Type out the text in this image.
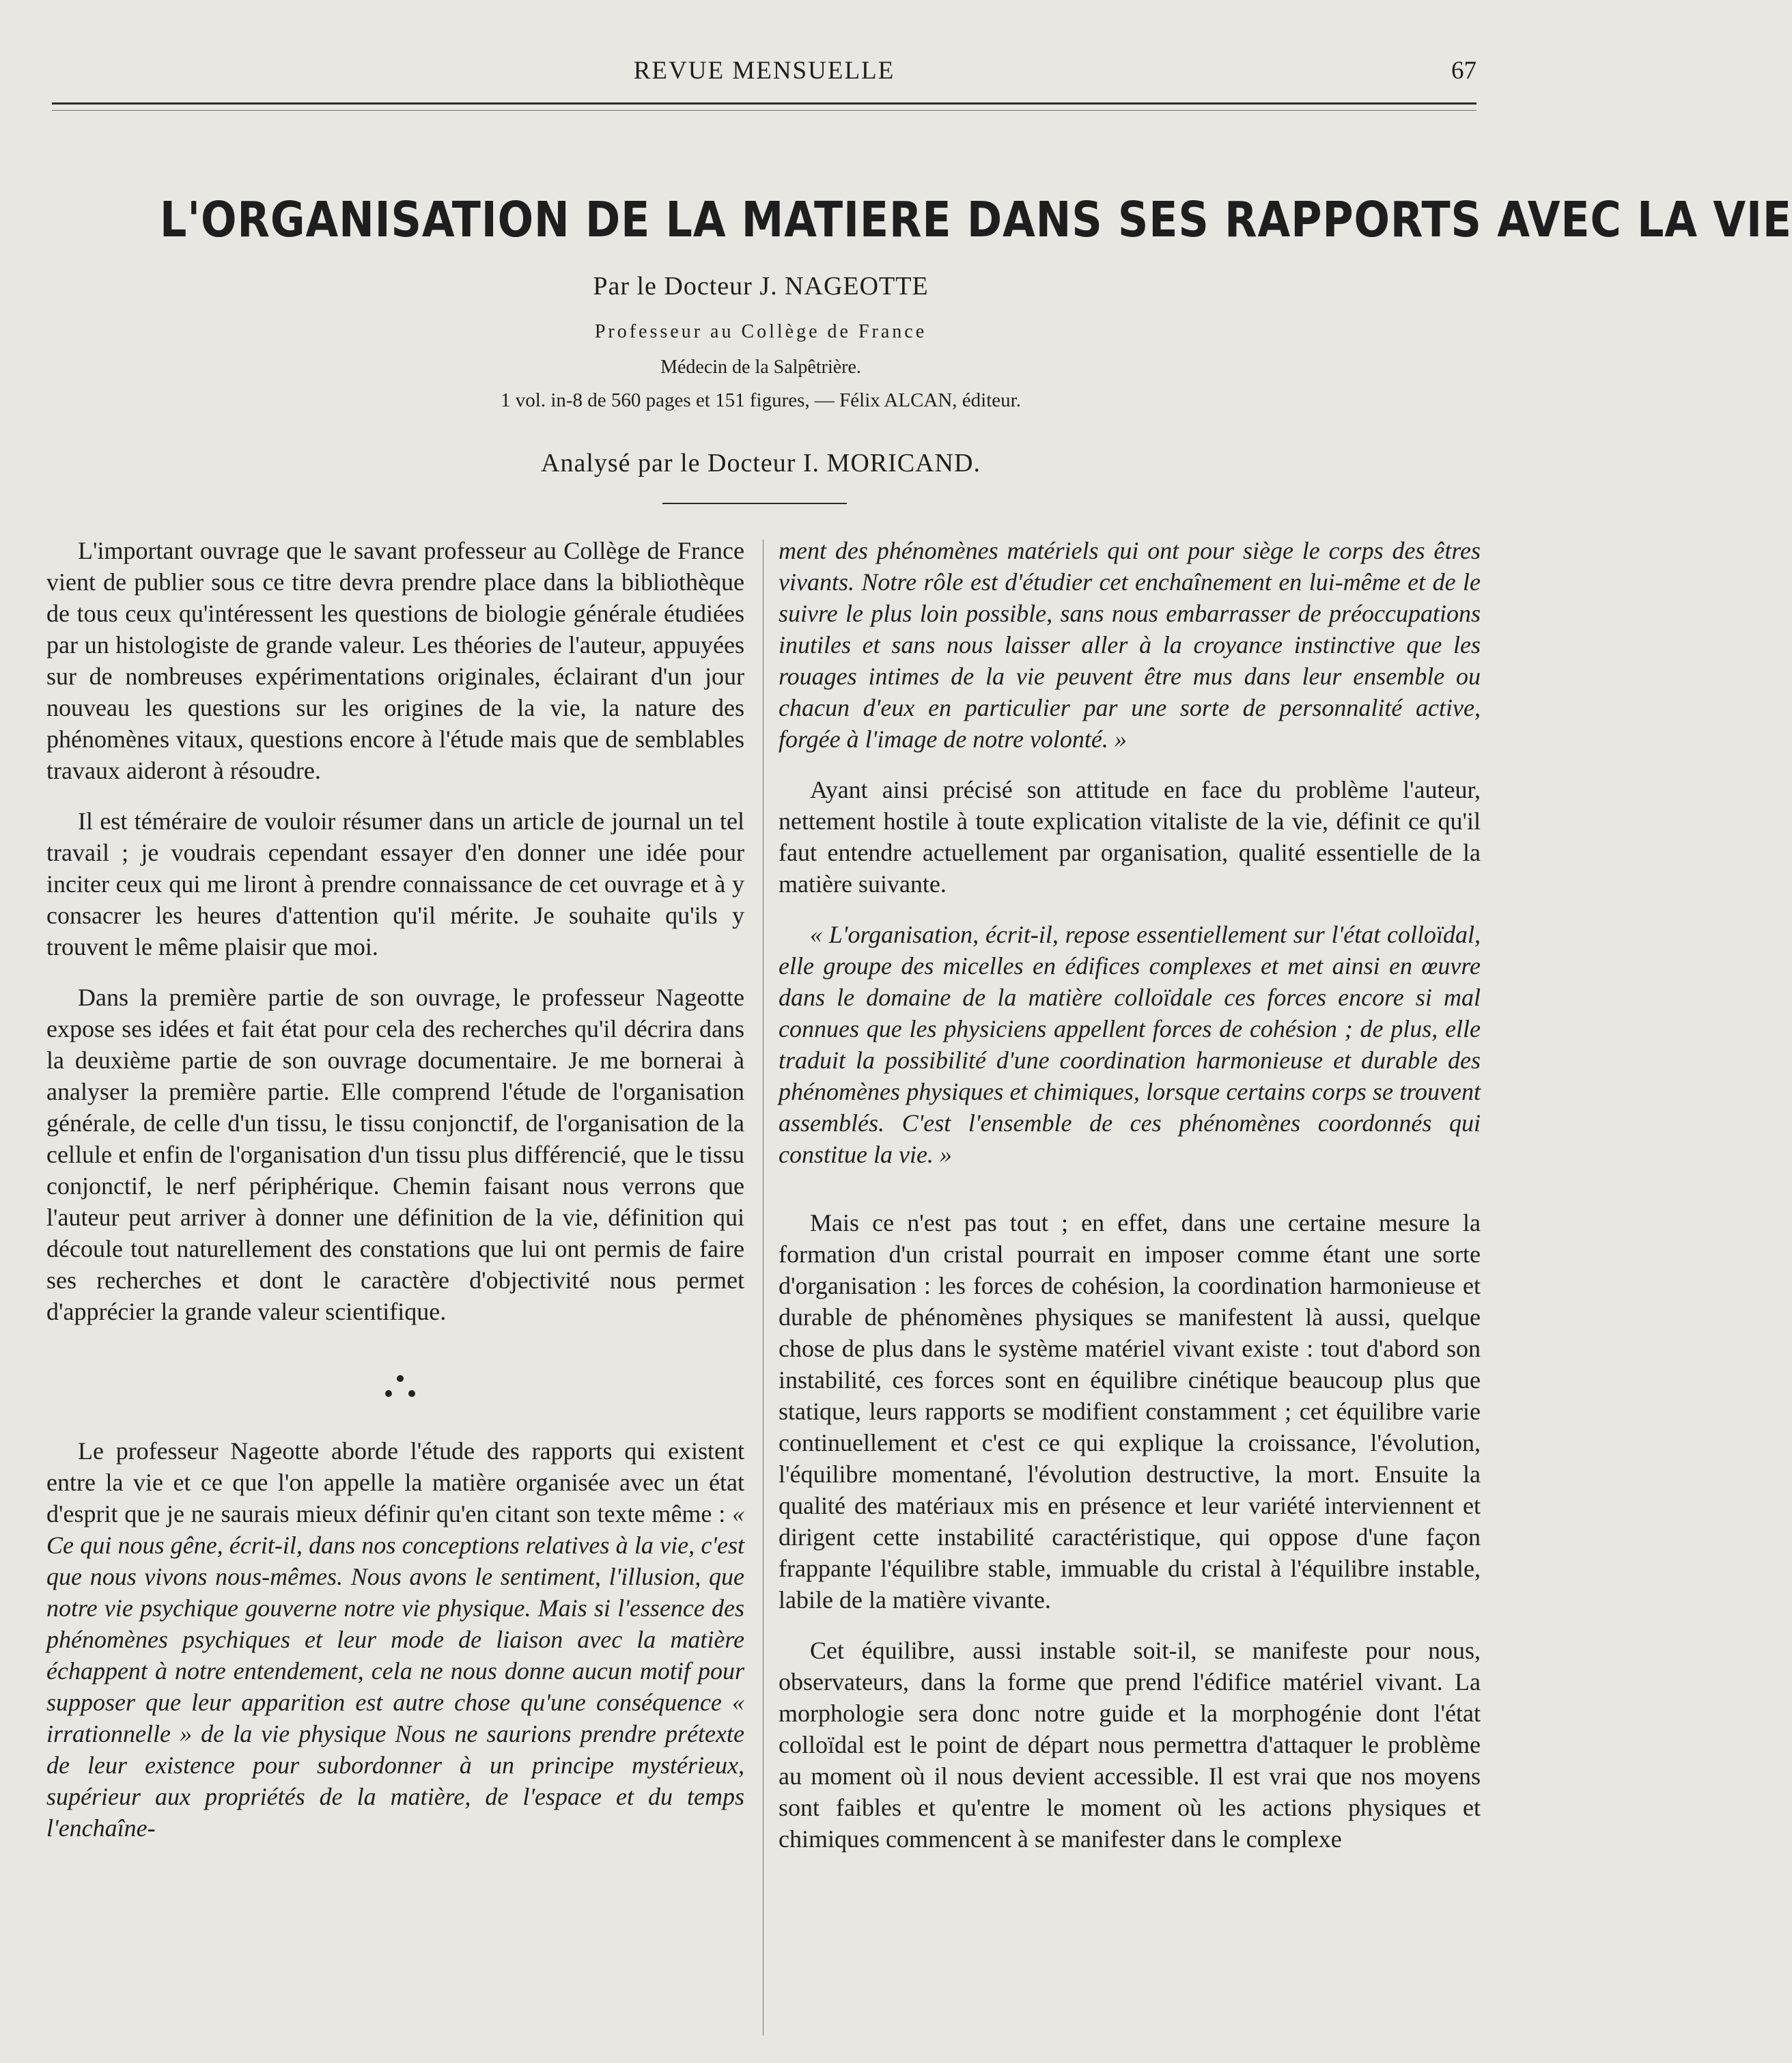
REVUE MENSUELLE	67
L'ORGANISATION DE LA MATIERE DANS SES RAPPORTS AVEC LA VIE
Par le Docteur J. NAGEOTTE
Professeur au Collège de France
Médecin de la Salpêtrière.
1 vol. in-8 de 560 pages et 151 figures, — Félix ALCAN, éditeur.
Analysé par le Docteur I. MORICAND.

L'important ouvrage que le savant professeur au Collège de France vient de publier sous ce titre devra prendre place dans la bibliothèque de tous ceux qu'intéressent les questions de biologie générale étudiées par un histologiste de grande valeur. Les théories de l'auteur, appuyées sur de nombreuses expérimentations originales, éclairant d'un jour nouveau les questions sur les origines de la vie, la nature des phénomènes vitaux, questions encore à l'étude mais que de semblables travaux aideront à résoudre.

Il est téméraire de vouloir résumer dans un article de journal un tel travail ; je voudrais cependant essayer d'en donner une idée pour inciter ceux qui me liront à prendre connaissance de cet ouvrage et à y consacrer les heures d'attention qu'il mérite. Je souhaite qu'ils y trouvent le même plaisir que moi.

Dans la première partie de son ouvrage, le professeur Nageotte expose ses idées et fait état pour cela des recherches qu'il décrira dans la deuxième partie de son ouvrage documentaire. Je me bornerai à analyser la première partie. Elle comprend l'étude de l'organisation générale, de celle d'un tissu, le tissu conjonctif, de l'organisation de la cellule et enfin de l'organisation d'un tissu plus différencié, que le tissu conjonctif, le nerf périphérique. Chemin faisant nous verrons que l'auteur peut arriver à donner une définition de la vie, définition qui découle tout naturellement des constations que lui ont permis de faire ses recherches et dont le caractère d'objectivité nous permet d'apprécier la grande valeur scientifique.

Le professeur Nageotte aborde l'étude des rapports qui existent entre la vie et ce que l'on appelle la matière organisée avec un état d'esprit que je ne saurais mieux définir qu'en citant son texte même : « Ce qui nous gêne, écrit-il, dans nos conceptions relatives à la vie, c'est que nous vivons nous-mêmes. Nous avons le sentiment, l'illusion, que notre vie psychique gouverne notre vie physique. Mais si l'essence des phénomènes psychiques et leur mode de liaison avec la matière échappent à notre entendement, cela ne nous donne aucun motif pour supposer que leur apparition est autre chose qu'une conséquence « irrationnelle » de la vie physique Nous ne saurions prendre prétexte de leur existence pour subordonner à un principe mystérieux, supérieur aux propriétés de la matière, de l'espace et du temps l'enchaîne-

ment des phénomènes matériels qui ont pour siège le corps des êtres vivants. Notre rôle est d'étudier cet enchaînement en lui-même et de le suivre le plus loin possible, sans nous embarrasser de préoccupations inutiles et sans nous laisser aller à la croyance instinctive que les rouages intimes de la vie peuvent être mus dans leur ensemble ou chacun d'eux en particulier par une sorte de personnalité active, forgée à l'image de notre volonté. »

Ayant ainsi précisé son attitude en face du problème l'auteur, nettement hostile à toute explication vitaliste de la vie, définit ce qu'il faut entendre actuellement par organisation, qualité essentielle de la matière suivante.

« L'organisation, écrit-il, repose essentiellement sur l'état colloïdal, elle groupe des micelles en édifices complexes et met ainsi en œuvre dans le domaine de la matière colloïdale ces forces encore si mal connues que les physiciens appellent forces de cohésion ; de plus, elle traduit la possibilité d'une coordination harmonieuse et durable des phénomènes physiques et chimiques, lorsque certains corps se trouvent assemblés. C'est l'ensemble de ces phénomènes coordonnés qui constitue la vie. »

Mais ce n'est pas tout ; en effet, dans une certaine mesure la formation d'un cristal pourrait en imposer comme étant une sorte d'organisation : les forces de cohésion, la coordination harmonieuse et durable de phénomènes physiques se manifestent là aussi, quelque chose de plus dans le système matériel vivant existe : tout d'abord son instabilité, ces forces sont en équilibre cinétique beaucoup plus que statique, leurs rapports se modifient constamment ; cet équilibre varie continuellement et c'est ce qui explique la croissance, l'évolution, l'équilibre momentané, l'évolution destructive, la mort. Ensuite la qualité des matériaux mis en présence et leur variété interviennent et dirigent cette instabilité caractéristique, qui oppose d'une façon frappante l'équilibre stable, immuable du cristal à l'équilibre instable, labile de la matière vivante.

Cet équilibre, aussi instable soit-il, se manifeste pour nous, observateurs, dans la forme que prend l'édifice matériel vivant. La morphologie sera donc notre guide et la morphogénie dont l'état colloïdal est le point de départ nous permettra d'attaquer le problème au moment où il nous devient accessible. Il est vrai que nos moyens sont faibles et qu'entre le moment où les actions physiques et chimiques commencent à se manifester dans le complexe
